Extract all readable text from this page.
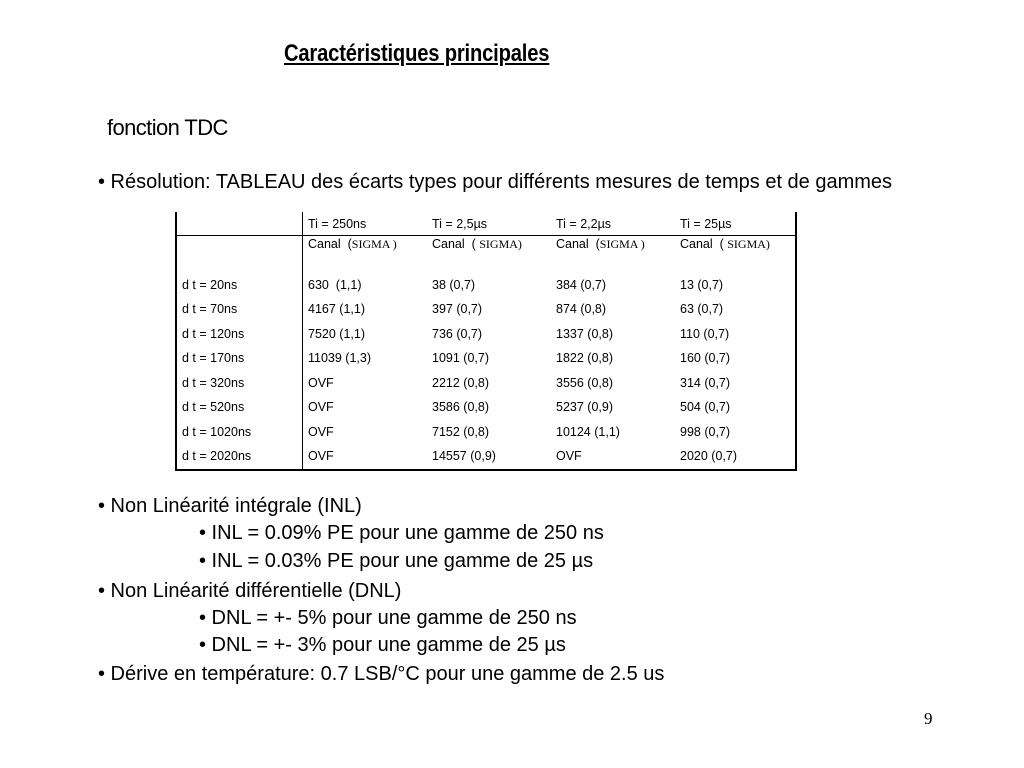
Caractéristiques principales
fonction TDC
• Résolution: TABLEAU des écarts types pour différents mesures de temps et de gammes
	Ti = 250ns	Ti = 2,5µs	Ti = 2,2µs	Ti = 25µs
	Canal  (SIGMA )	Canal  ( SIGMA)	Canal  (SIGMA )	Canal  ( SIGMA)
d t = 20ns	630  (1,1)	38 (0,7)	384 (0,7)	13 (0,7)
d t = 70ns	4167 (1,1)	397 (0,7)	874 (0,8)	63 (0,7)
d t = 120ns	7520 (1,1)	736 (0,7)	1337 (0,8)	110 (0,7)
d t = 170ns	11039 (1,3)	1091 (0,7)	1822 (0,8)	160 (0,7)
d t = 320ns	OVF	2212 (0,8)	3556 (0,8)	314 (0,7)
d t = 520ns	OVF	3586 (0,8)	5237 (0,9)	504 (0,7)
d t = 1020ns	OVF	7152 (0,8)	10124 (1,1)	998 (0,7)
d t = 2020ns	OVF	14557 (0,9)	OVF	2020 (0,7)
• Non Linéarité intégrale (INL)
• INL = 0.09% PE pour une gamme de 250 ns
• INL = 0.03% PE pour une gamme de 25 µs
• Non Linéarité différentielle (DNL)
• DNL = +- 5% pour une gamme de 250 ns
• DNL = +- 3% pour une gamme de 25 µs
• Dérive en température: 0.7 LSB/°C pour une gamme de 2.5 us
9
